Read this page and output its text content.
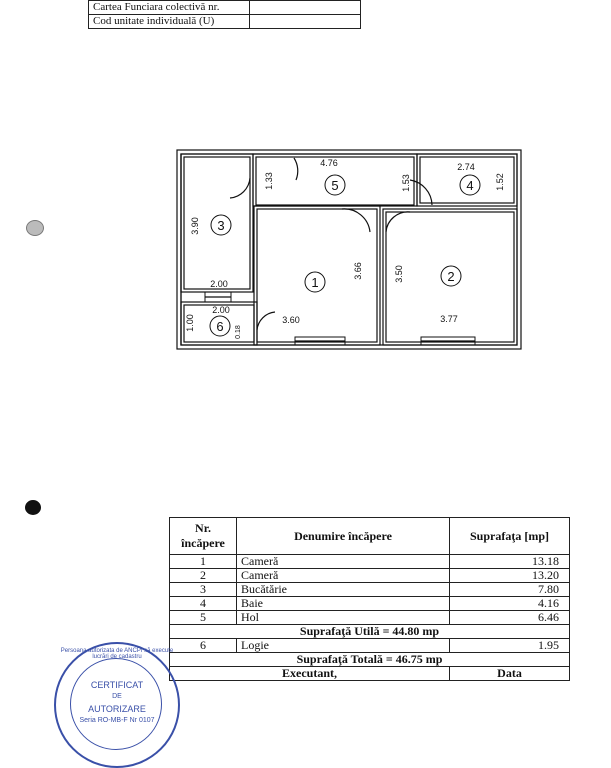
Cartea Funciara colectivă nr.	
Cod unitate individuală (U)	
4.76	2.74
1.52
1.33	1.53
3.90
3.66	3.50
2.00
2.00
1.00
0.18
3.60	3.77
1	2
3
4
5
6
Nr. încăpere	Denumire încăpere	Suprafaţa [mp]
1	Cameră	13.18
2	Cameră	13.20
3	Bucătărie	7.80
4	Baie	4.16
5	Hol	6.46
Suprafaţă Utilă = 44.80 mp		
6	Logie	1.95
Suprafaţă Totală = 46.75 mp		
Executant,		Data
CERTIFICAT
DE
AUTORIZARE
Seria RO-MB-F Nr 0107
Persoana autorizata de ANCPI să execute lucrări de cadastru
